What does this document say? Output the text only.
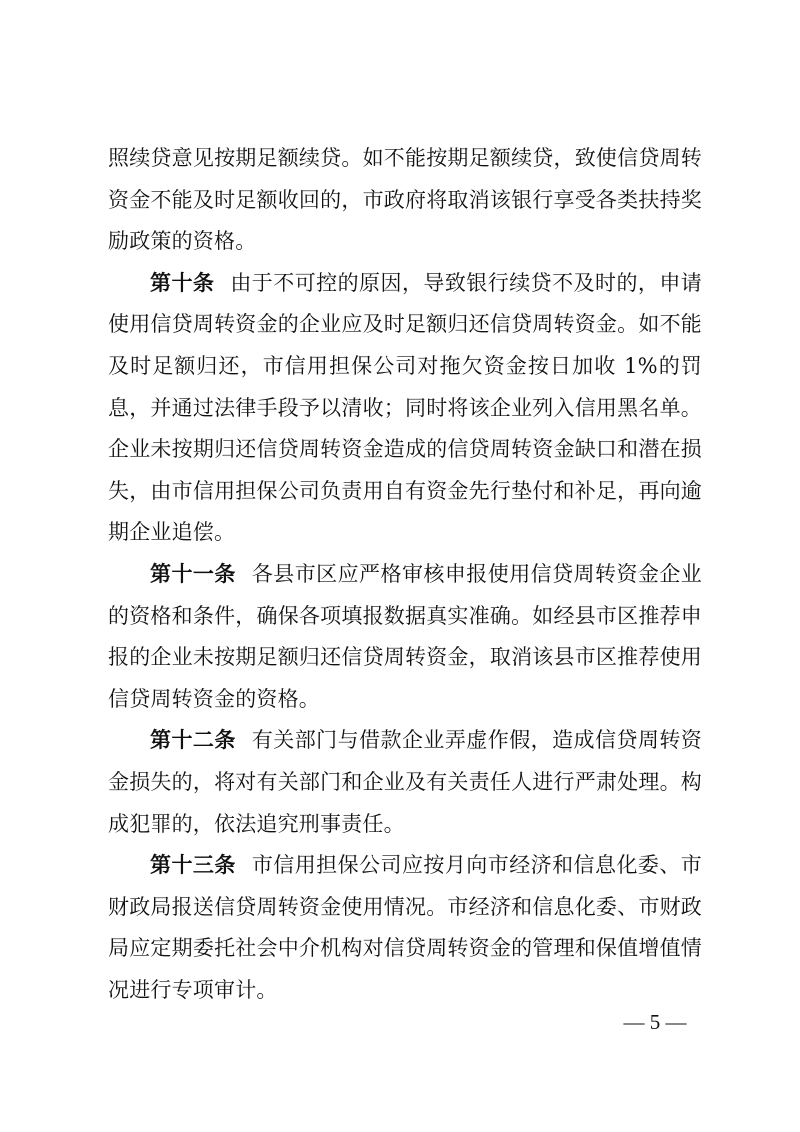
照续贷意见按期足额续贷。如不能按期足额续贷，致使信贷周转资金不能及时足额收回的，市政府将取消该银行享受各类扶持奖励政策的资格。

第十条 由于不可控的原因，导致银行续贷不及时的，申请使用信贷周转资金的企业应及时足额归还信贷周转资金。如不能及时足额归还，市信用担保公司对拖欠资金按日加收 1%的罚息，并通过法律手段予以清收；同时将该企业列入信用黑名单。企业未按期归还信贷周转资金造成的信贷周转资金缺口和潜在损失，由市信用担保公司负责用自有资金先行垫付和补足，再向逾期企业追偿。

第十一条 各县市区应严格审核申报使用信贷周转资金企业的资格和条件，确保各项填报数据真实准确。如经县市区推荐申报的企业未按期足额归还信贷周转资金，取消该县市区推荐使用信贷周转资金的资格。

第十二条 有关部门与借款企业弄虚作假，造成信贷周转资金损失的，将对有关部门和企业及有关责任人进行严肃处理。构成犯罪的，依法追究刑事责任。

第十三条 市信用担保公司应按月向市经济和信息化委、市财政局报送信贷周转资金使用情况。市经济和信息化委、市财政局应定期委托社会中介机构对信贷周转资金的管理和保值增值情况进行专项审计。

— 5 —
